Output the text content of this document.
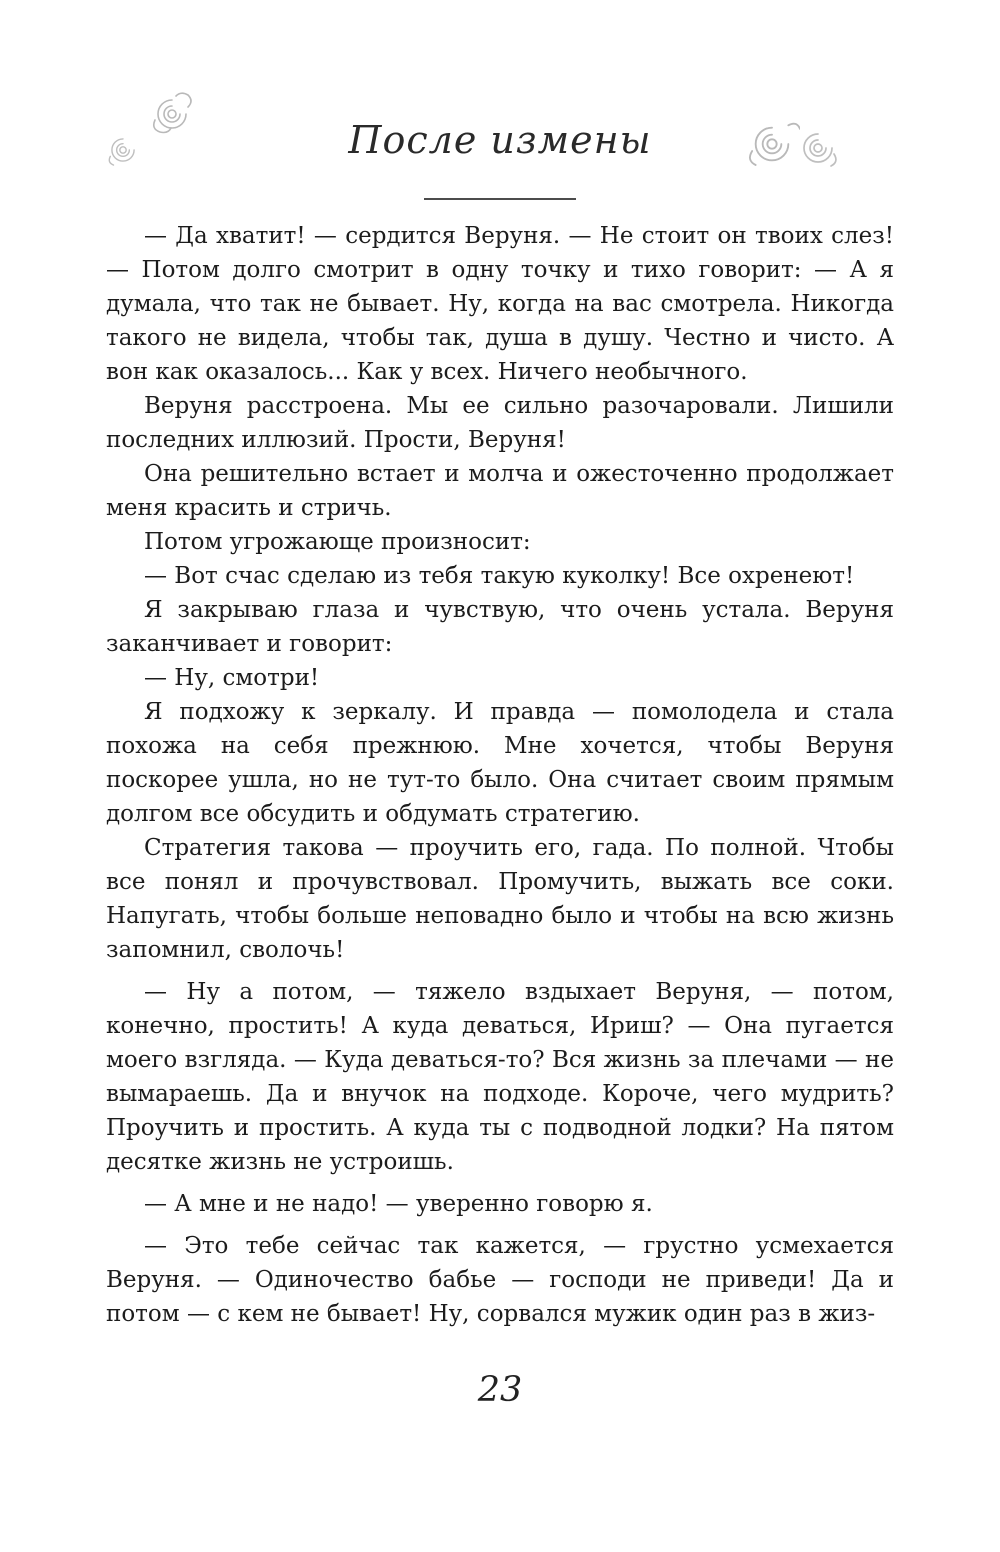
После измены

— Да хватит! — сердится Веруня. — Не стоит он твоих слез! — Потом долго смотрит в одну точку и тихо говорит: — А я думала, что так не бывает. Ну, когда на вас смотрела. Никогда такого не видела, чтобы так, душа в душу. Честно и чисто. А вон как оказалось... Как у всех. Ничего необычного.

Веруня расстроена. Мы ее сильно разочаровали. Лишили последних иллюзий. Прости, Веруня!

Она решительно встает и молча и ожесточенно продолжает меня красить и стричь.

Потом угрожающе произносит:

— Вот счас сделаю из тебя такую куколку! Все охренеют!

Я закрываю глаза и чувствую, что очень устала. Веруня заканчивает и говорит:

— Ну, смотри!

Я подхожу к зеркалу. И правда — помолодела и стала похожа на себя прежнюю. Мне хочется, чтобы Веруня поскорее ушла, но не тут-то было. Она считает своим прямым долгом все обсудить и обдумать стратегию.

Стратегия такова — проучить его, гада. По полной. Чтобы все понял и прочувствовал. Промучить, выжать все соки. Напугать, чтобы больше неповадно было и чтобы на всю жизнь запомнил, сволочь!

— Ну а потом, — тяжело вздыхает Веруня, — потом, конечно, простить! А куда деваться, Ириш? — Она пугается моего взгляда. — Куда деваться-то? Вся жизнь за плечами — не вымараешь. Да и внучок на подходе. Короче, чего мудрить? Проучить и простить. А куда ты с подводной лодки? На пятом десятке жизнь не устроишь.

— А мне и не надо! — уверенно говорю я.

— Это тебе сейчас так кажется, — грустно усмехается Веруня. — Одиночество бабье — господи не приведи! Да и потом — с кем не бывает! Ну, сорвался мужик один раз в жиз-

23
